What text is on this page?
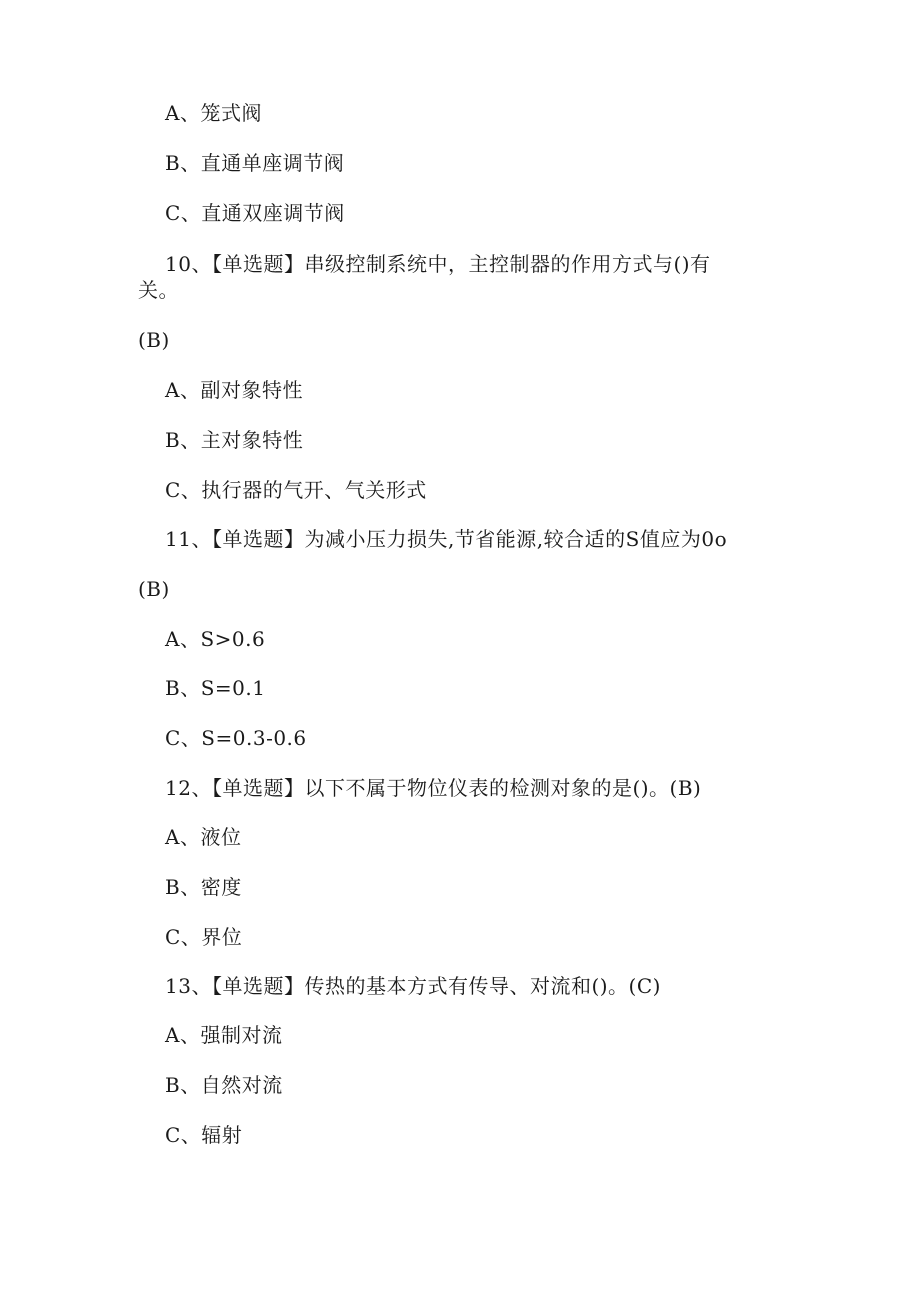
A、笼式阀
B、直通单座调节阀
C、直通双座调节阀
10、【单选题】串级控制系统中，主控制器的作用方式与()有
关。
(B)
A、副对象特性
B、主对象特性
C、执行器的气开、气关形式
11、【单选题】为减小压力损失,节省能源,较合适的S值应为0o
(B)
A、S>0.6
B、S=0.1
C、S=0.3-0.6
12、【单选题】以下不属于物位仪表的检测对象的是()。(B)
A、液位
B、密度
C、界位
13、【单选题】传热的基本方式有传导、对流和()。(C)
A、强制对流
B、自然对流
C、辐射
